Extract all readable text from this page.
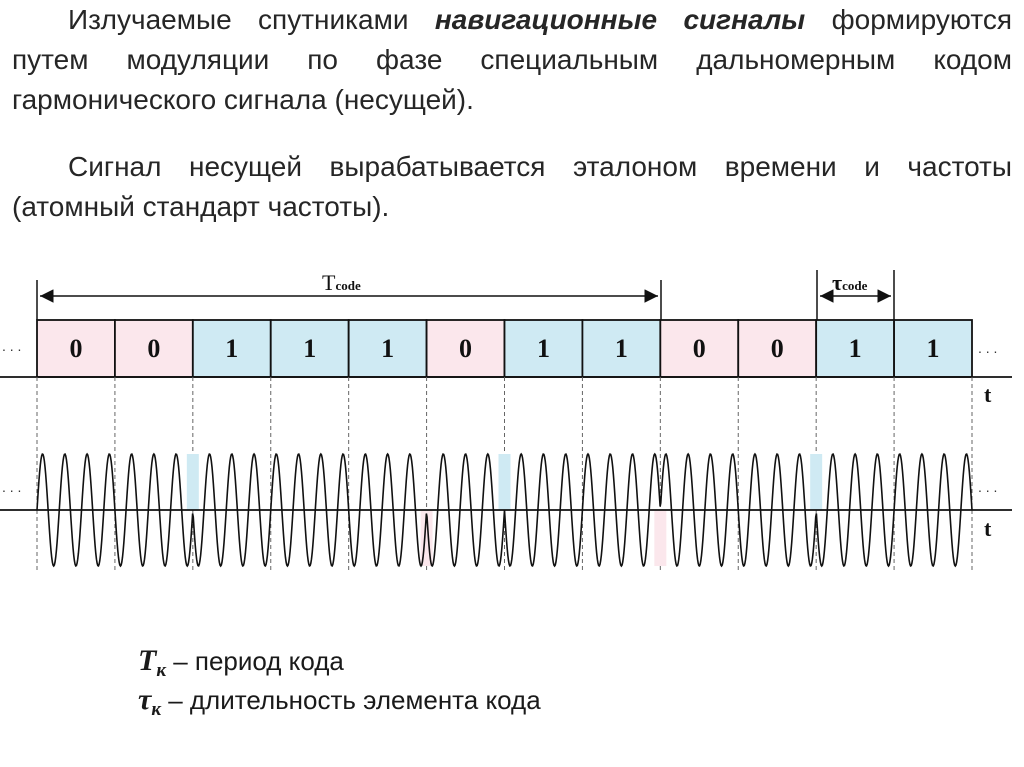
Излучаемые спутниками навигационные сигналы формируются путем модуляции по фазе специальным дальномерным кодом гармонического сигнала (несущей).

Сигнал несущей вырабатывается эталоном времени и частоты (атомный стандарт частоты).

Tcode	τcode
0 0 1 1 1 0 1 1 0 0 1 1
t
. . .	. . .
t
. . .	. . .
$T_к$ – период кода
$\tau_к$ – длительность элемента кода
